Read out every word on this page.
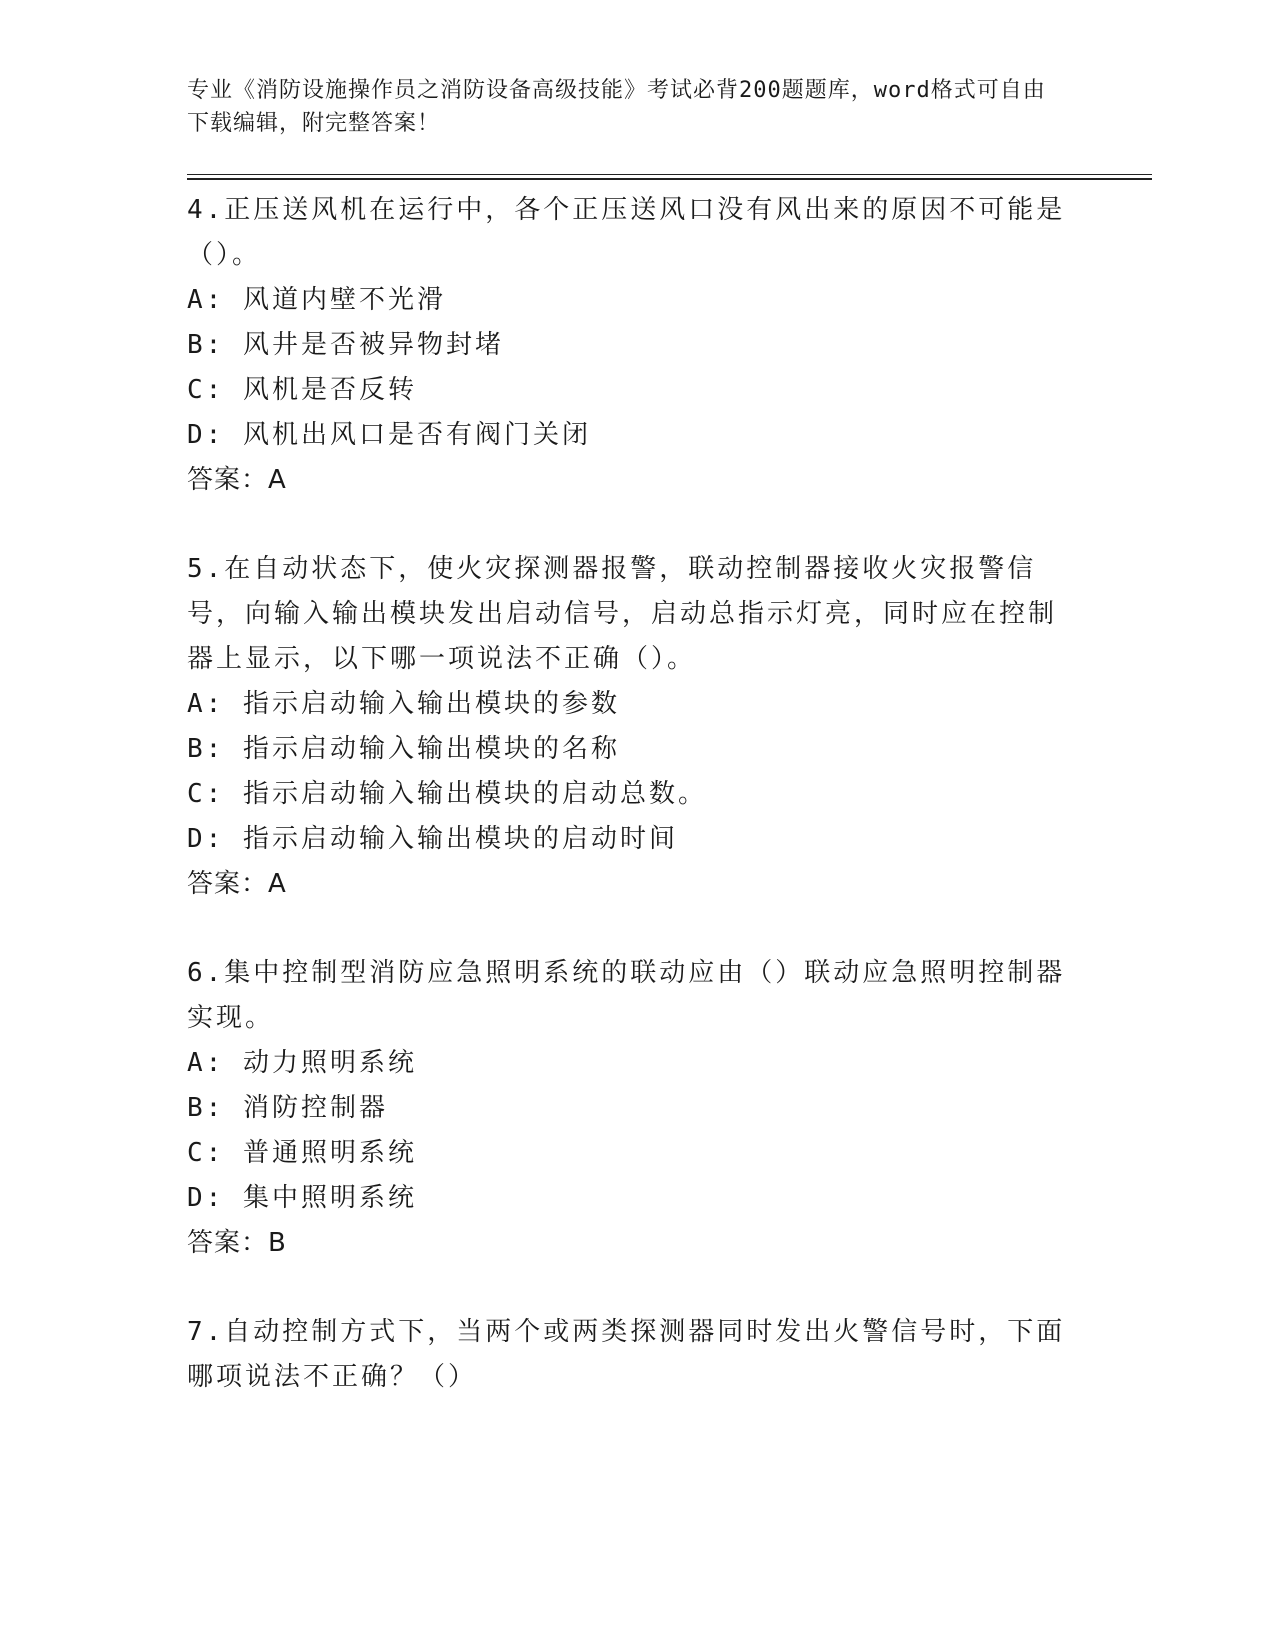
专业《消防设施操作员之消防设备高级技能》考试必背200题题库，word格式可自由下载编辑，附完整答案！
4.正压送风机在运行中，各个正压送风口没有风出来的原因不可能是（）。
A: 风道内壁不光滑
B: 风井是否被异物封堵
C: 风机是否反转
D: 风机出风口是否有阀门关闭
答案：A
5.在自动状态下，使火灾探测器报警，联动控制器接收火灾报警信号，向输入输出模块发出启动信号，启动总指示灯亮，同时应在控制器上显示，以下哪一项说法不正确（）。
A: 指示启动输入输出模块的参数
B: 指示启动输入输出模块的名称
C: 指示启动输入输出模块的启动总数。
D: 指示启动输入输出模块的启动时间
答案：A
6.集中控制型消防应急照明系统的联动应由（）联动应急照明控制器实现。
A: 动力照明系统
B: 消防控制器
C: 普通照明系统
D: 集中照明系统
答案：B
7.自动控制方式下，当两个或两类探测器同时发出火警信号时，下面哪项说法不正确？（）
